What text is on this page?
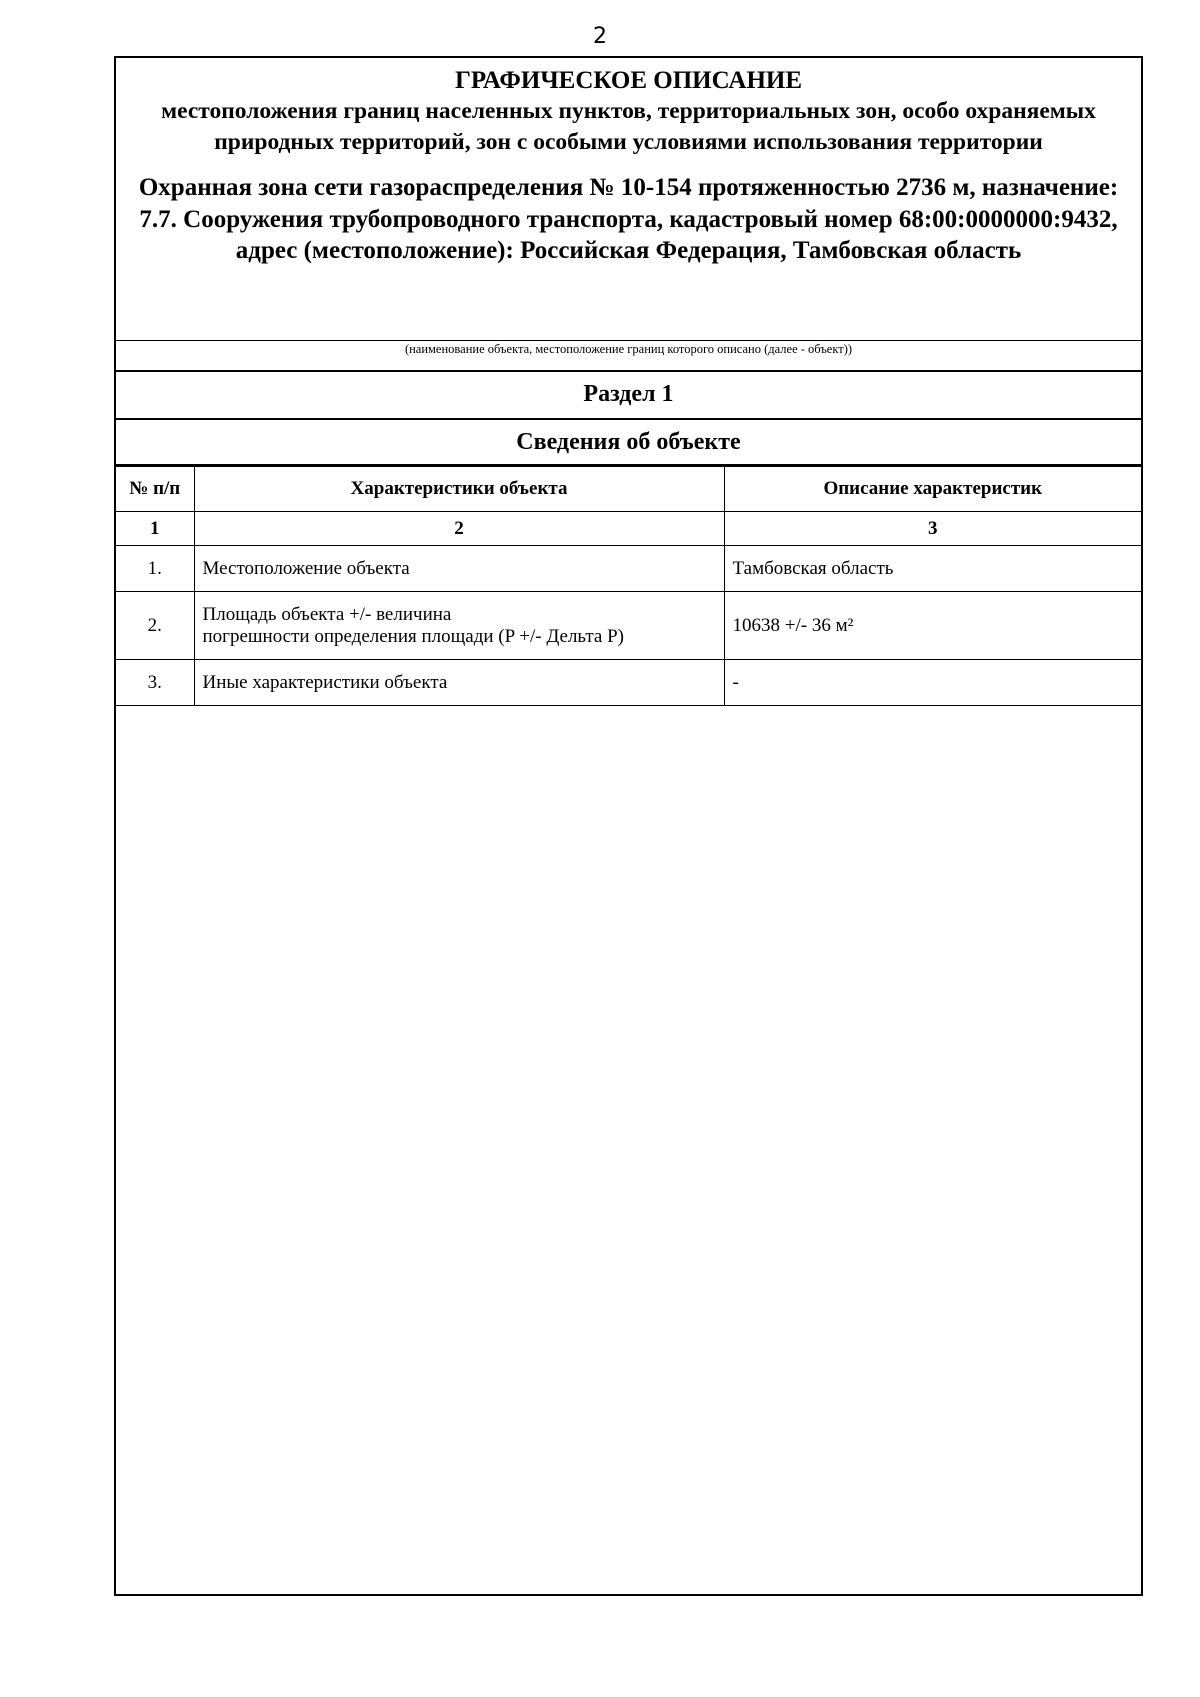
2
ГРАФИЧЕСКОЕ ОПИСАНИЕ
местоположения границ населенных пунктов, территориальных зон, особо охраняемых природных территорий, зон с особыми условиями использования территории
Охранная зона сети газораспределения № 10-154 протяженностью 2736 м, назначение: 7.7. Сооружения трубопроводного транспорта, кадастровый номер 68:00:0000000:9432, адрес (местоположение): Российская Федерация, Тамбовская область
(наименование объекта, местоположение границ которого описано (далее - объект))
Раздел 1
Сведения об объекте
№ п/п	Характеристики объекта	Описание характеристик
1	2	3
1.	Местоположение объекта	Тамбовская область
2.	Площадь объекта +/- величина
погрешности определения площади (P +/- Дельта P)	10638 +/- 36 м²
3.	Иные характеристики объекта	-
